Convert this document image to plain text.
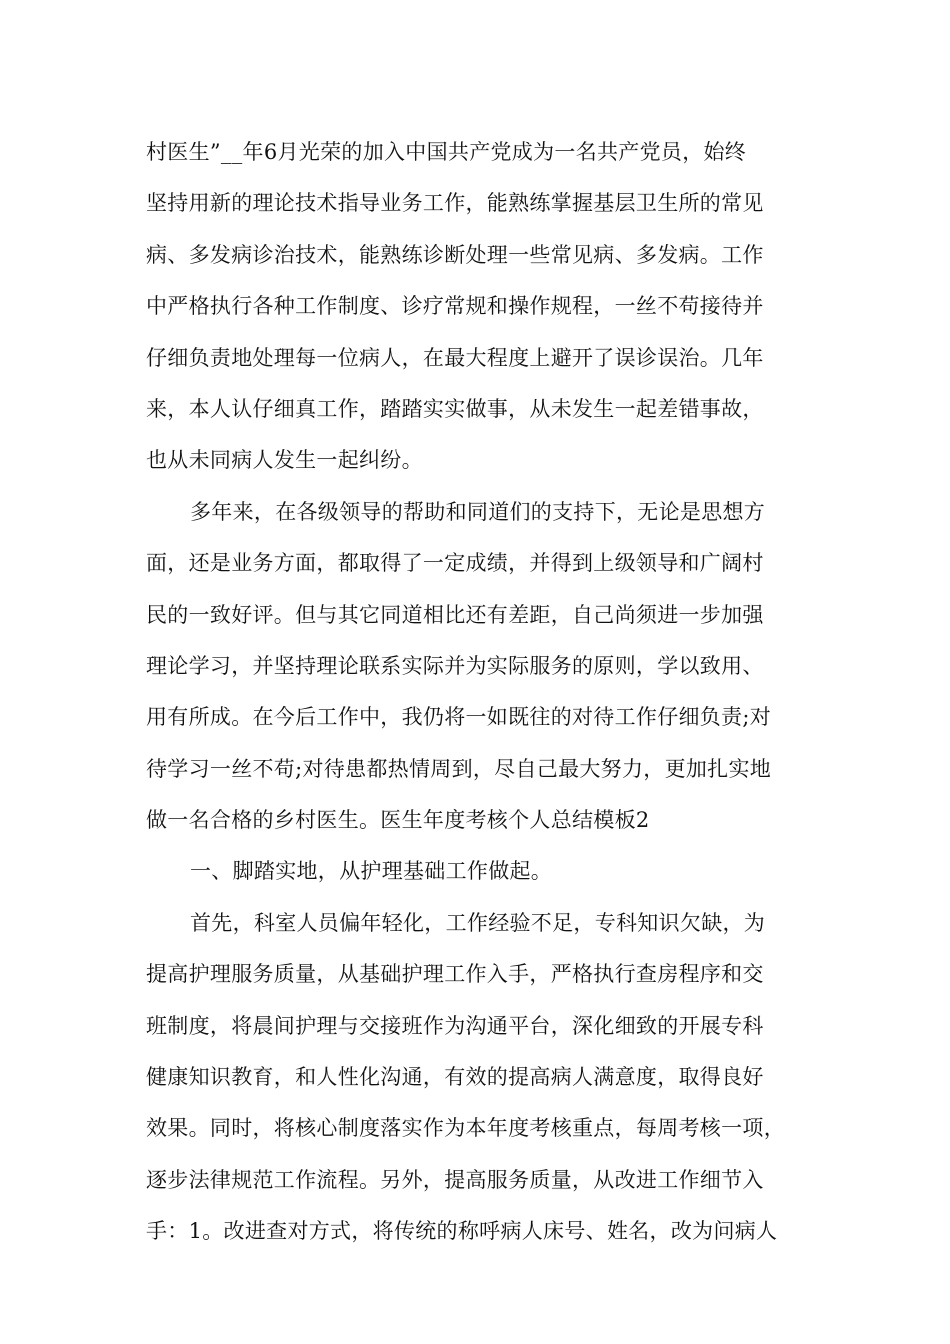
村医生”__年6月光荣的加入中国共产党成为一名共产党员，始终
坚持用新的理论技术指导业务工作，能熟练掌握基层卫生所的常见
病、多发病诊治技术，能熟练诊断处理一些常见病、多发病。工作
中严格执行各种工作制度、诊疗常规和操作规程，一丝不苟接待并
仔细负责地处理每一位病人，在最大程度上避开了误诊误治。几年
来，本人认仔细真工作，踏踏实实做事，从未发生一起差错事故，
也从未同病人发生一起纠纷。
多年来，在各级领导的帮助和同道们的支持下，无论是思想方
面，还是业务方面，都取得了一定成绩，并得到上级领导和广阔村
民的一致好评。但与其它同道相比还有差距，自己尚须进一步加强
理论学习，并坚持理论联系实际并为实际服务的原则，学以致用、
用有所成。在今后工作中，我仍将一如既往的对待工作仔细负责;对
待学习一丝不苟;对待患都热情周到，尽自己最大努力，更加扎实地
做一名合格的乡村医生。医生年度考核个人总结模板2
一、脚踏实地，从护理基础工作做起。
首先，科室人员偏年轻化，工作经验不足，专科知识欠缺，为
提高护理服务质量，从基础护理工作入手，严格执行查房程序和交
班制度，将晨间护理与交接班作为沟通平台，深化细致的开展专科
健康知识教育，和人性化沟通，有效的提高病人满意度，取得良好
效果。同时，将核心制度落实作为本年度考核重点，每周考核一项，
逐步法律规范工作流程。另外，提高服务质量，从改进工作细节入
手：1。改进查对方式，将传统的称呼病人床号、姓名，改为问病人
